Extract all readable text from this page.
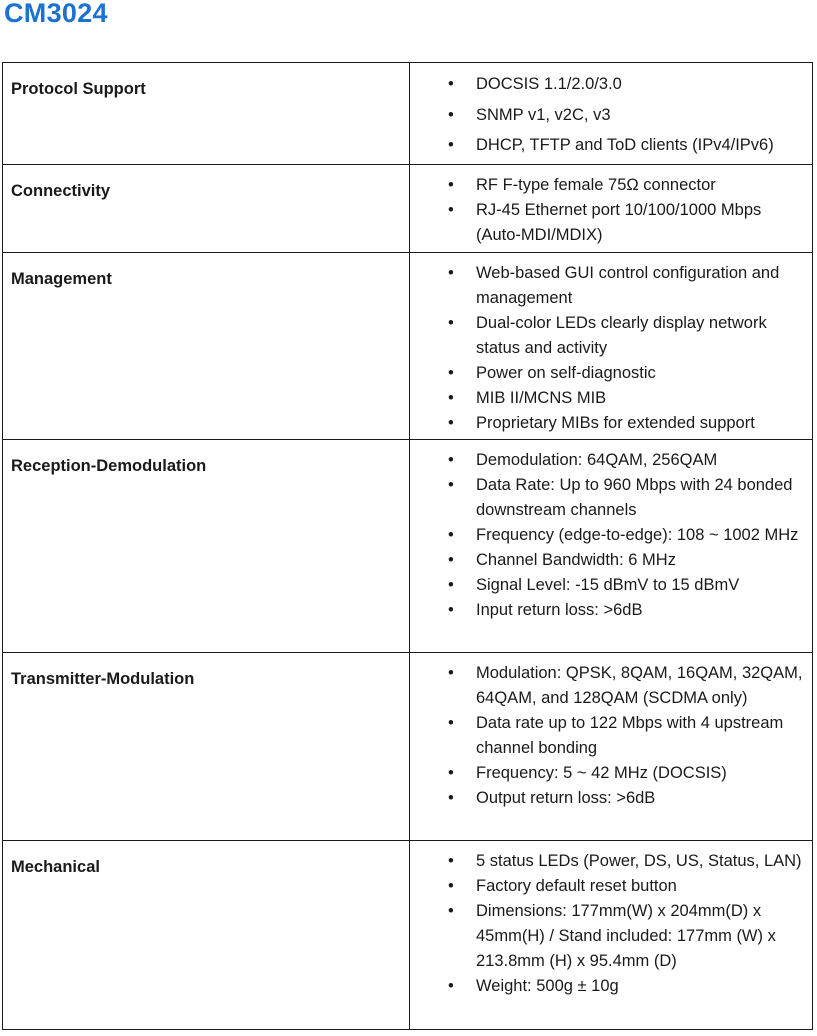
CM3024
Protocol Support	• DOCSIS 1.1/2.0/3.0
• SNMP v1, v2C, v3
• DHCP, TFTP and ToD clients (IPv4/IPv6)

Connectivity	• RF F-type female 75Ω connector
• RJ-45 Ethernet port 10/100/1000 Mbps (Auto-MDI/MDIX)

Management	• Web-based GUI control configuration and management
• Dual-color LEDs clearly display network status and activity
• Power on self-diagnostic
• MIB II/MCNS MIB
• Proprietary MIBs for extended support

Reception-Demodulation	• Demodulation: 64QAM, 256QAM
• Data Rate: Up to 960 Mbps with 24 bonded downstream channels
• Frequency (edge-to-edge): 108 ~ 1002 MHz
• Channel Bandwidth: 6 MHz
• Signal Level: -15 dBmV to 15 dBmV
• Input return loss: >6dB

Transmitter-Modulation	• Modulation: QPSK, 8QAM, 16QAM, 32QAM, 64QAM, and 128QAM (SCDMA only)
• Data rate up to 122 Mbps with 4 upstream channel bonding
• Frequency: 5 ~ 42 MHz (DOCSIS)
• Output return loss: >6dB

Mechanical	• 5 status LEDs (Power, DS, US, Status, LAN)
• Factory default reset button
• Dimensions: 177mm(W) x 204mm(D) x 45mm(H) / Stand included: 177mm (W) x 213.8mm (H) x 95.4mm (D)
• Weight: 500g ± 10g
